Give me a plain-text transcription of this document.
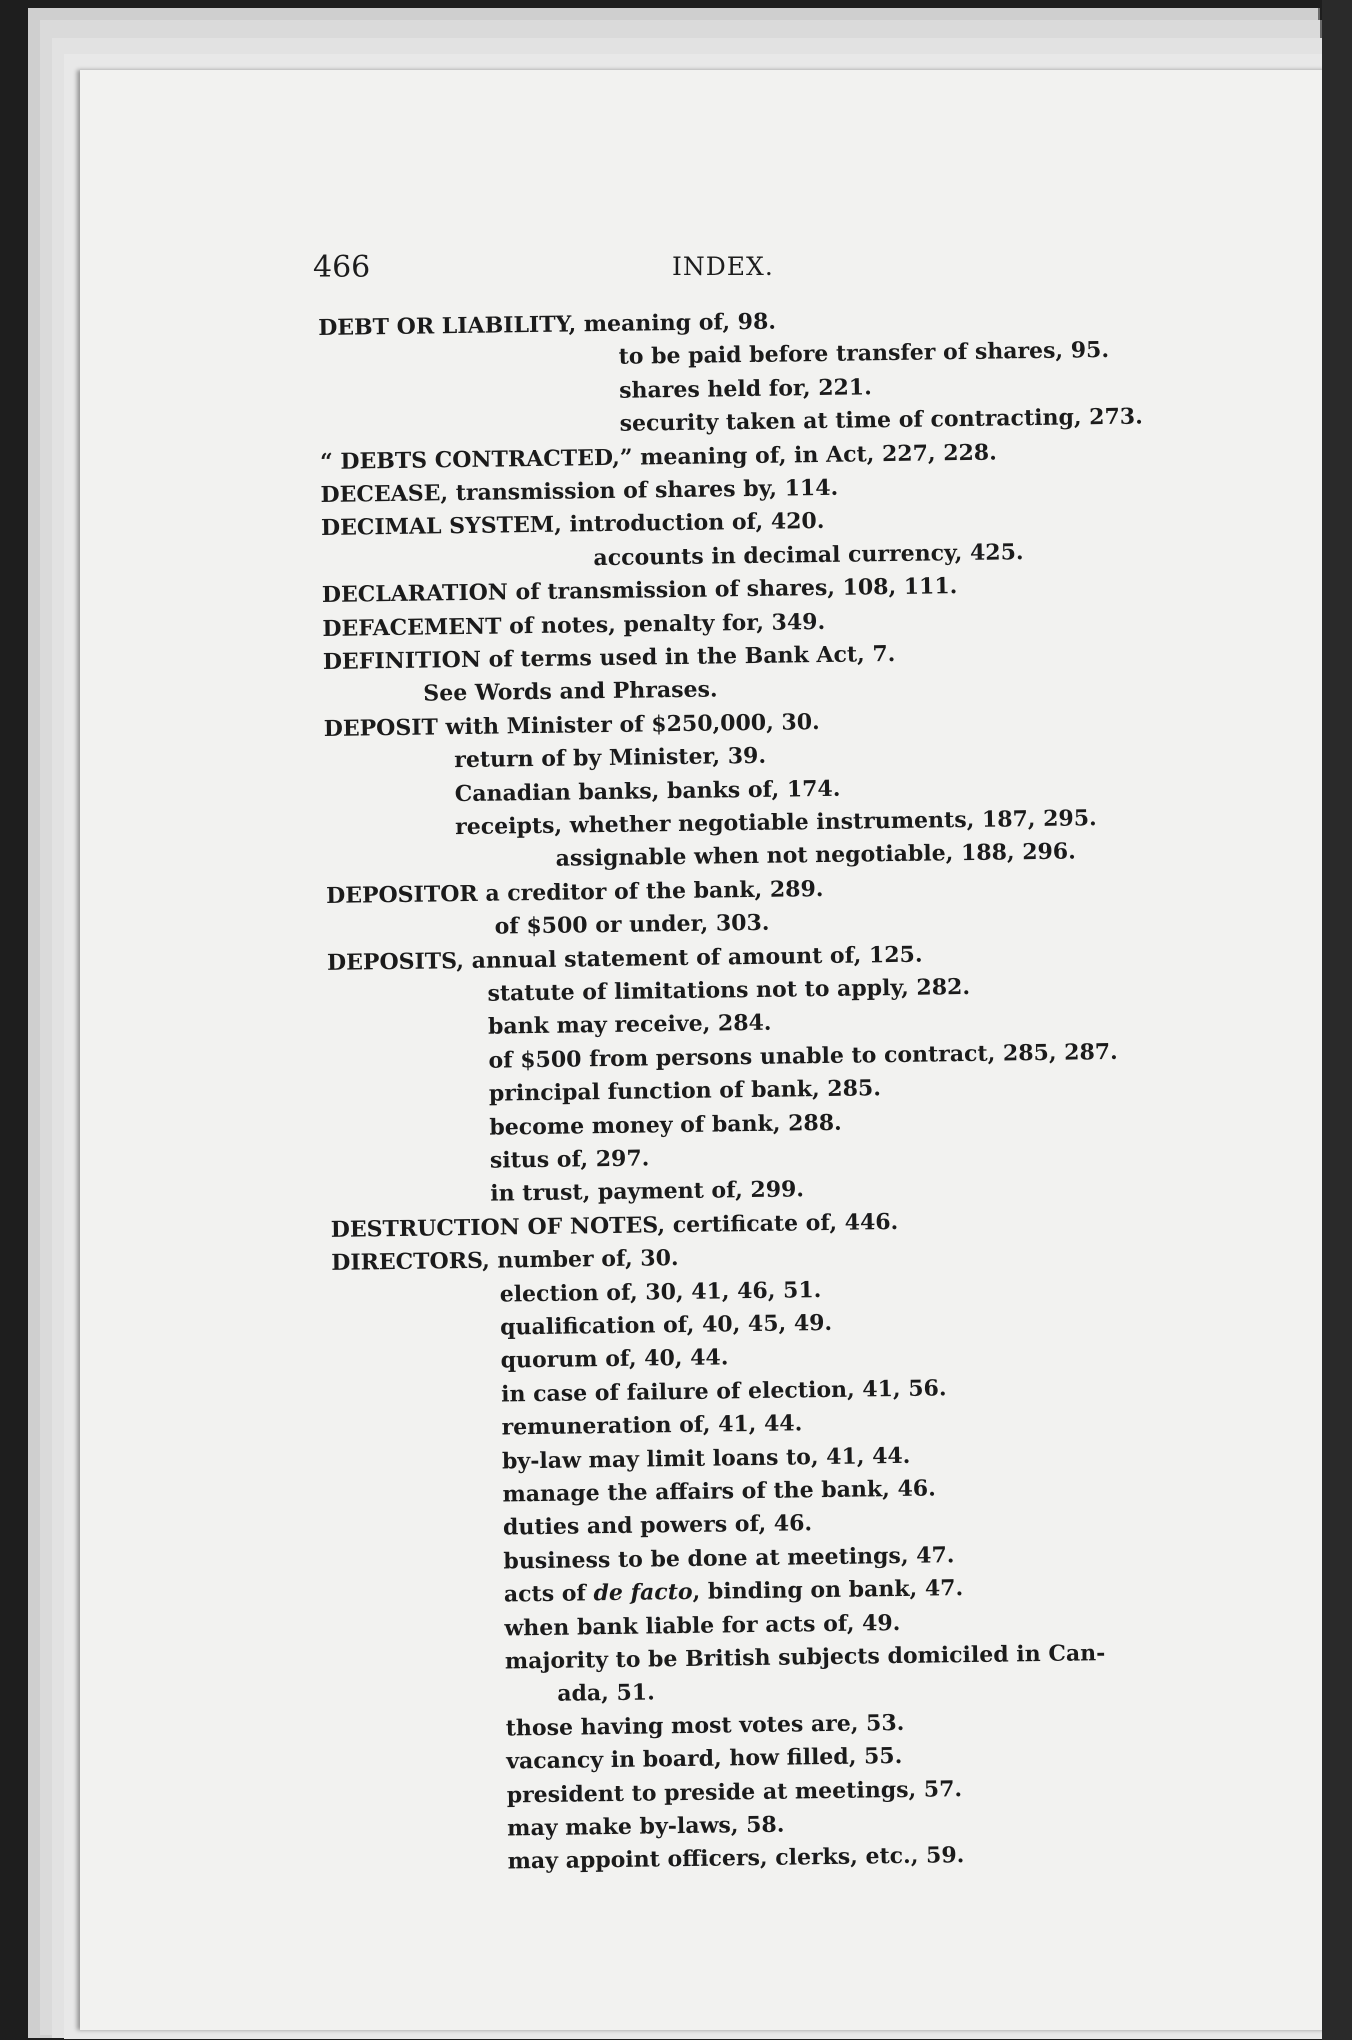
466	INDEX.
DEBT OR LIABILITY, meaning of, 98.
to be paid before transfer of shares, 95.
shares held for, 221.
security taken at time of contracting, 273.
“ DEBTS CONTRACTED,” meaning of, in Act, 227, 228.
DECEASE, transmission of shares by, 114.
DECIMAL SYSTEM, introduction of, 420.
accounts in decimal currency, 425.
DECLARATION of transmission of shares, 108, 111.
DEFACEMENT of notes, penalty for, 349.
DEFINITION of terms used in the Bank Act, 7.
See Words and Phrases.
DEPOSIT with Minister of $250,000, 30.
return of by Minister, 39.
Canadian banks, banks of, 174.
receipts, whether negotiable instruments, 187, 295.
assignable when not negotiable, 188, 296.
DEPOSITOR a creditor of the bank, 289.
of $500 or under, 303.
DEPOSITS, annual statement of amount of, 125.
statute of limitations not to apply, 282.
bank may receive, 284.
of $500 from persons unable to contract, 285, 287.
principal function of bank, 285.
become money of bank, 288.
situs of, 297.
in trust, payment of, 299.
DESTRUCTION OF NOTES, certificate of, 446.
DIRECTORS, number of, 30.
election of, 30, 41, 46, 51.
qualification of, 40, 45, 49.
quorum of, 40, 44.
in case of failure of election, 41, 56.
remuneration of, 41, 44.
by-law may limit loans to, 41, 44.
manage the affairs of the bank, 46.
duties and powers of, 46.
business to be done at meetings, 47.
acts of de facto, binding on bank, 47.
when bank liable for acts of, 49.
majority to be British subjects domiciled in Can-
ada, 51.
those having most votes are, 53.
vacancy in board, how filled, 55.
president to preside at meetings, 57.
may make by-laws, 58.
may appoint officers, clerks, etc., 59.
